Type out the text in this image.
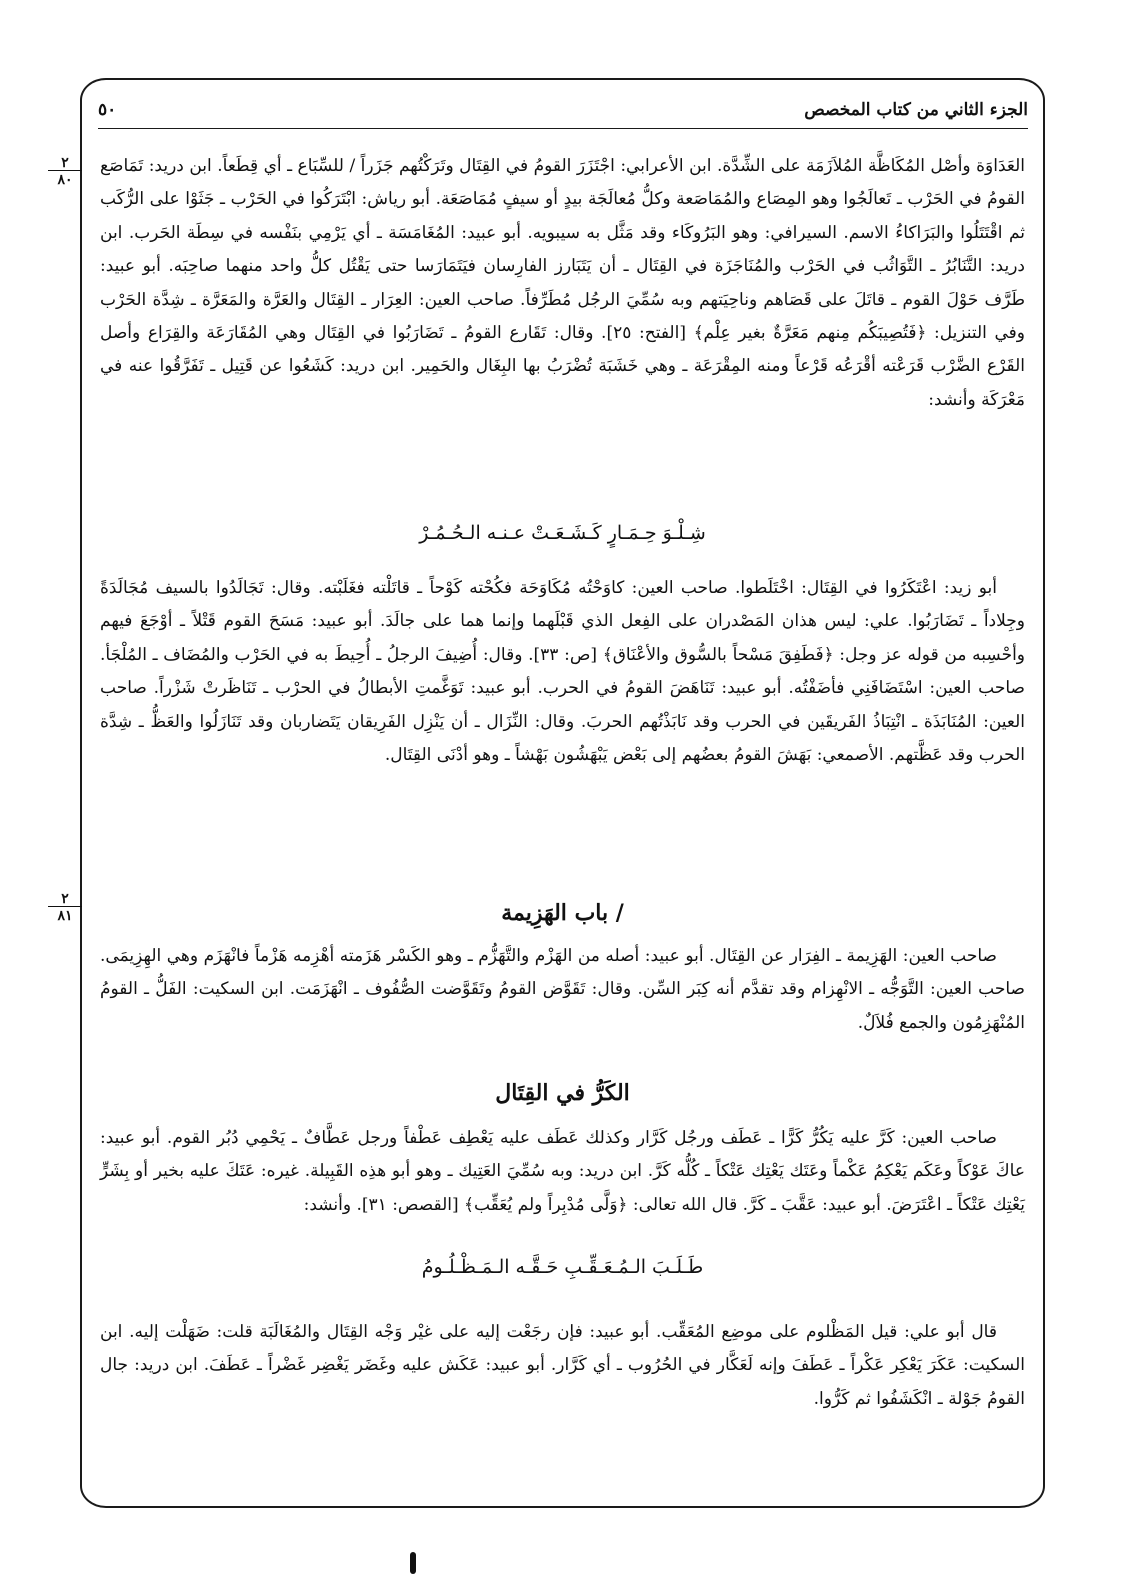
الجزء الثاني من كتاب المخصص
٥٠
٢
٨٠
٢
٨١

العَدَاوَة وأصْل المُكَاظَّة المُلاَزَمَة على الشِّدَّة. ابن الأعرابي: اجْتَزَرَ القومُ في القِتَال وتَرَكْتُهم جَزَراً / للسِّبَاع ـ أي قِطَعاً. ابن دريد: تَمَاصَع القومُ في الحَرْب ـ تَعالَجُوا وهو المِصَاع والمُمَاصَعة وكلُّ مُعالَجَة بيدٍ أو سيفٍ مُمَاصَعَة. أبو رياش: ابْتَرَكُوا في الحَرْب ـ جَثَوْا على الرُّكَب ثم اقْتَتَلُوا والبَرَاكاءُ الاسم. السيرافي: وهو البَرُوكَاء وقد مَثَّل به سيبويه. أبو عبيد: المُغَامَسَة ـ أي يَرْمِي بنَفْسه في سِطَة الحَرب. ابن دريد: التَّنَابُرُ ـ التَّوَاثُب في الحَرْب والمُنَاجَزَة في القِتَال ـ أن يَتَبَارز الفارِسان فيَتَمَارَسا حتى يَقْتُل كلُّ واحد منهما صاحِبَه. أبو عبيد: طَرَّف حَوْلَ القوم ـ قاتَلَ على قَصَاهم وناحِيَتهم وبه سُمِّيَ الرجُل مُطَرِّفاً. صاحب العين: العِرَار ـ القِتَال والعَرَّة والمَعَرَّة ـ شِدَّة الحَرْب وفي التنزيل: ﴿فَتُصِيبَكُم مِنهم مَعَرَّةٌ بغير عِلْم﴾ [الفتح: ٢٥]. وقال: تَقَارع القومُ ـ تَضَارَبُوا في القِتَال وهي المُقَارَعَة والقِرَاع وأصل القَرْع الضَّرْب قَرَعْته أقْرَعُه قَرْعاً ومنه المِقْرَعَة ـ وهي خَشَبَة تُضْرَبُ بها البِغَال والحَمِير. ابن دريد: كَشَعُوا عن قَتِيل ـ تَفَرَّقُوا عنه في مَعْرَكَة وأنشد:

شِـلْـوَ حِـمَـارٍ كَـشَـعَـتْ عـنـه الـحُـمُـرْ

أبو زيد: اعْتَكَرُوا في القِتَال: اخْتَلَطوا. صاحب العين: كاوَحْتُه مُكَاوَحَة فكُحْته كَوْحاً ـ قاتَلْته فغَلَبْته. وقال: تَجَالَدُوا بالسيف مُجَالَدَةً وجِلاداً ـ تَضَارَبُوا. علي: ليس هذان المَصْدران على الفِعل الذي قَبْلَهما وإنما هما على جالَدَ. أبو عبيد: مَسَحَ القوم قَتْلاً ـ أوْجَعَ فيهم وأحْسِبه من قوله عز وجل: ﴿فَطَفِقَ مَسْحاً بالسُّوق والأعْنَاق﴾ [ص: ٣٣]. وقال: أُضِيفَ الرجلُ ـ أُحِيطَ به في الحَرْب والمُضَاف ـ المُلْجَأ. صاحب العين: اسْتَضَافَنِي فأضَفْتُه. أبو عبيد: تَنَاهَضَ القومُ في الحرب. أبو عبيد: تَوَغَّمتِ الأبطالُ في الحرْب ـ تَنَاظَرتْ شَزْراً. صاحب العين: المُنَابَذَة ـ انْتِبَاذُ الفَريقَين في الحرب وقد نَابَذْتُهم الحربَ. وقال: النِّزَال ـ أن يَنْزِل الفَرِيقان يَتَضاربان وقد تَنَازَلُوا والعَظُّ ـ شِدَّة الحرب وقد عَظَّتهم. الأصمعي: بَهَشَ القومُ بعضُهم إلى بَعْض يَبْهَشُون بَهْشاً ـ وهو أدْنَى القِتَال.

/ باب الهَزِيمة

صاحب العين: الهَزِيمة ـ الفِرَار عن القِتَال. أبو عبيد: أصله من الهَزْم والتَّهَزُّم ـ وهو الكَسْر هَزَمته أهْزِمه هَزْماً فانْهَزَم وهي الهِزِيمَى. صاحب العين: التَّوَجُّه ـ الانْهِزام وقد تقدَّم أنه كِبَر السِّن. وقال: تَقَوَّض القومُ وتَقَوَّضت الصُّفُوف ـ انْهَزَمَت. ابن السكيت: الفَلُّ ـ القومُ المُنْهَزِمُون والجمع فُلاَلٌ.

الكَرُّ في القِتَال

صاحب العين: كَرَّ عليه يَكُرُّ كَرًّا ـ عَطَف ورجُل كَرَّار وكذلك عَطَف عليه يَعْطِف عَطْفاً ورجل عَطَّافٌ ـ يَحْمِي دُبُر القوم. أبو عبيد: عاكَ عَوْكاً وعَكَم يَعْكِمُ عَكْماً وعَتَك يَعْتِك عَتْكاً ـ كُلُّه كَرَّ. ابن دريد: وبه سُمِّيَ العَتِيك ـ وهو أبو هذِه القَبِيلة. غيره: عَتَكَ عليه بخير أو بِشَرٍّ يَعْتِك عَتْكاً ـ اعْتَرَضَ. أبو عبيد: عَقَّبَ ـ كَرَّ. قال الله تعالى: ﴿وَلَّى مُدْبِراً ولم يُعَقِّب﴾ [القصص: ٣١]. وأنشد:

طَـلَـبَ الـمُـعَـقِّـبِ حَـقَّـه الـمَـظْـلُـومُ

قال أبو علي: قيل المَظْلوم على موضِع المُعَقِّب. أبو عبيد: فإن رجَعْت إليه على غيْر وَجْه القِتَال والمُغَالَبَة قلت: ضَهَلْت إليه. ابن السكيت: عَكَرَ يَعْكِر عَكْراً ـ عَطَفَ وإنه لَعَكَّار في الحُرُوب ـ أي كَرَّار. أبو عبيد: عَكَش عليه وغَضَر يَغْضِر غَضْراً ـ عَطَفَ. ابن دريد: جال القومُ جَوْلة ـ انْكَشَفُوا ثم كَرُّوا.
